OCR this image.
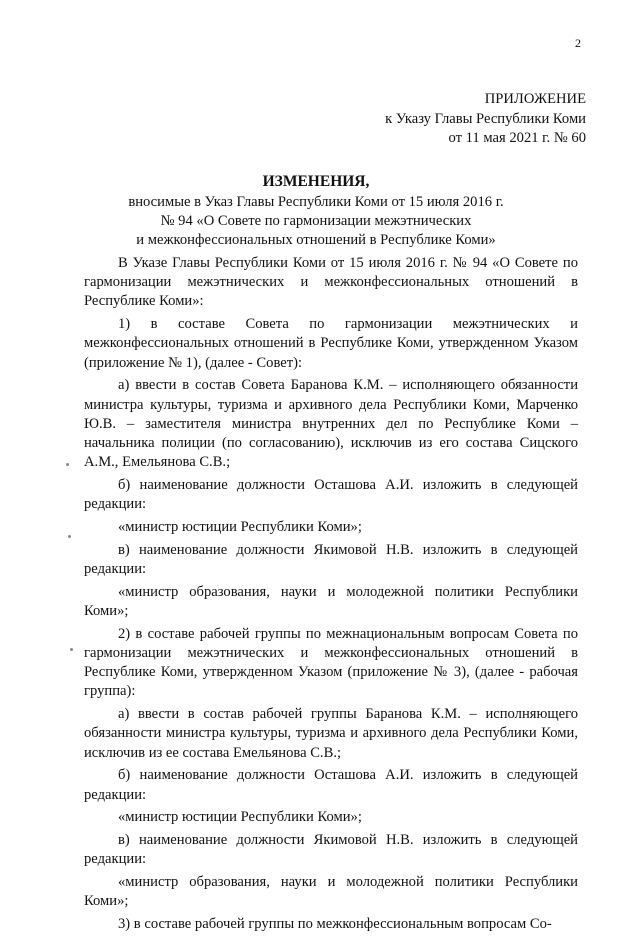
2
ПРИЛОЖЕНИЕ
к Указу Главы Республики Коми
от 11 мая 2021 г. № 60
ИЗМЕНЕНИЯ,
вносимые в Указ Главы Республики Коми от 15 июля 2016 г.
№ 94 «О Совете по гармонизации межэтнических
и межконфессиональных отношений в Республике Коми»

В Указе Главы Республики Коми от 15 июля 2016 г. № 94 «О Совете по гармонизации межэтнических и межконфессиональных отношений в Республике Коми»:

1) в составе Совета по гармонизации межэтнических и межконфессиональных отношений в Республике Коми, утвержденном Указом (приложение № 1), (далее - Совет):

а) ввести в состав Совета Баранова К.М. – исполняющего обязанности министра культуры, туризма и архивного дела Республики Коми, Марченко Ю.В. – заместителя министра внутренних дел по Республике Коми – начальника полиции (по согласованию), исключив из его состава Сицского А.М., Емельянова С.В.;

б) наименование должности Осташова А.И. изложить в следующей редакции:

«министр юстиции Республики Коми»;

в) наименование должности Якимовой Н.В. изложить в следующей редакции:

«министр образования, науки и молодежной политики Республики Коми»;

2) в составе рабочей группы по межнациональным вопросам Совета по гармонизации межэтнических и межконфессиональных отношений в Республике Коми, утвержденном Указом (приложение № 3), (далее - рабочая группа):

а) ввести в состав рабочей группы Баранова К.М. – исполняющего обязанности министра культуры, туризма и архивного дела Республики Коми, исключив из ее состава Емельянова С.В.;

б) наименование должности Осташова А.И. изложить в следующей редакции:

«министр юстиции Республики Коми»;

в) наименование должности Якимовой Н.В. изложить в следующей редакции:

«министр образования, науки и молодежной политики Республики Коми»;

3) в составе рабочей группы по межконфессиональным вопросам Со-
